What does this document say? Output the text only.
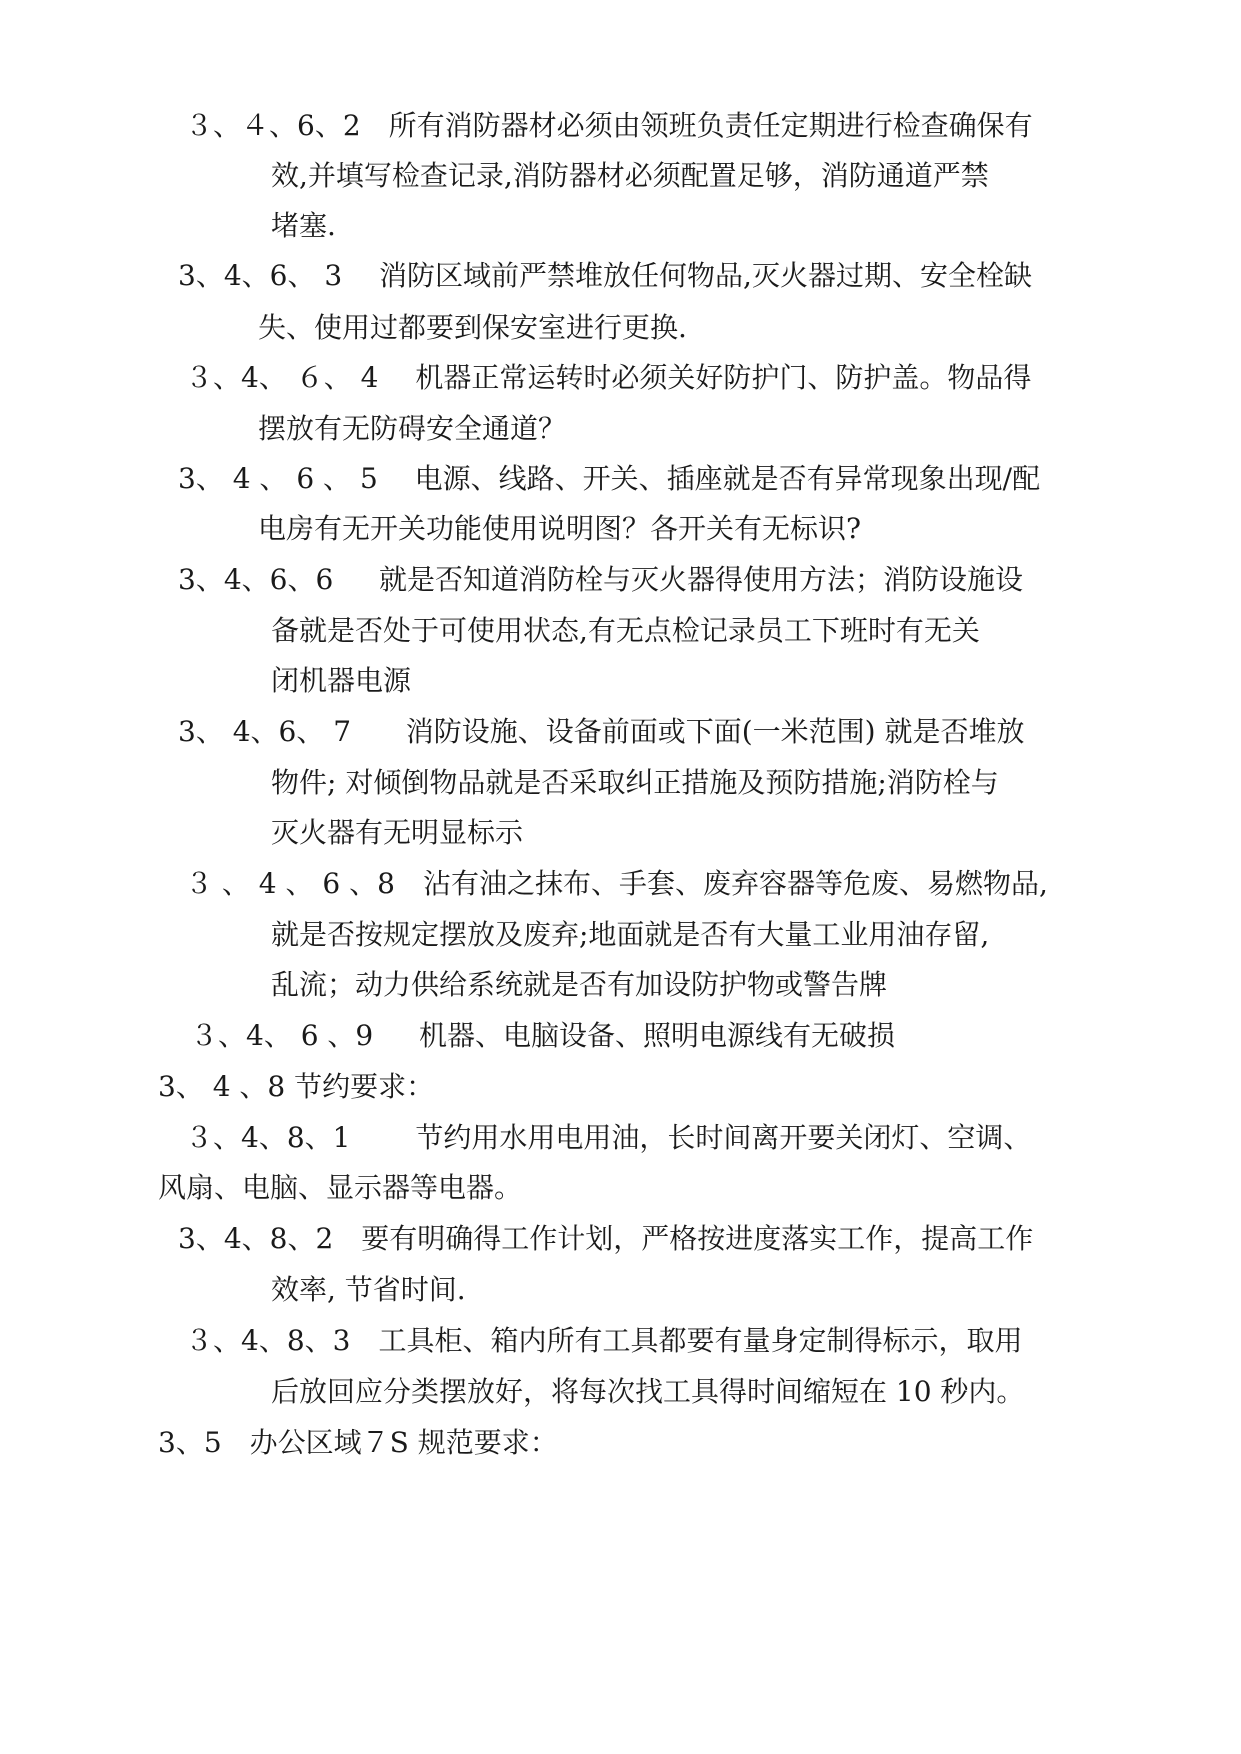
３、４、6、2　所有消防器材必须由领班负责任定期进行检查确保有
效,并填写检查记录,消防器材必须配置足够，消防通道严禁
堵塞.
3、4、6、 3　 消防区域前严禁堆放任何物品,灭火器过期、安全栓缺
失、使用过都要到保安室进行更换.
３、4、 ６、 4　 机器正常运转时必须关好防护门、防护盖。物品得
摆放有无防碍安全通道？
3、 4 、 6 、 5　 电源、线路、开关、插座就是否有异常现象出现/配
电房有无开关功能使用说明图？各开关有无标识?
3、4、6、6　  就是否知道消防栓与灭火器得使用方法；消防设施设
备就是否处于可使用状态,有无点检记录员工下班时有无关
闭机器电源
3、 4、6、 7　   消防设施、设备前面或下面(一米范围) 就是否堆放
物件; 对倾倒物品就是否采取纠正措施及预防措施;消防栓与
灭火器有无明显标示
３ 、 4 、 6 、8　沾有油之抹布、手套、废弃容器等危废、易燃物品,
就是否按规定摆放及废弃;地面就是否有大量工业用油存留,
乱流；动力供给系统就是否有加设防护物或警告牌
３、4、 6 、9　  机器、电脑设备、照明电源线有无破损
3、 4 、8 节约要求：
３、4、8、1　　 节约用水用电用油，长时间离开要关闭灯、空调、
风扇、电脑、显示器等电器。
3、4、8、2　要有明确得工作计划，严格按进度落实工作，提高工作
效率, 节省时间.
３、4、8、3　工具柜、箱内所有工具都要有量身定制得标示，取用
后放回应分类摆放好，将每次找工具得时间缩短在 10 秒内。
3、5　办公区域７S 规范要求：
